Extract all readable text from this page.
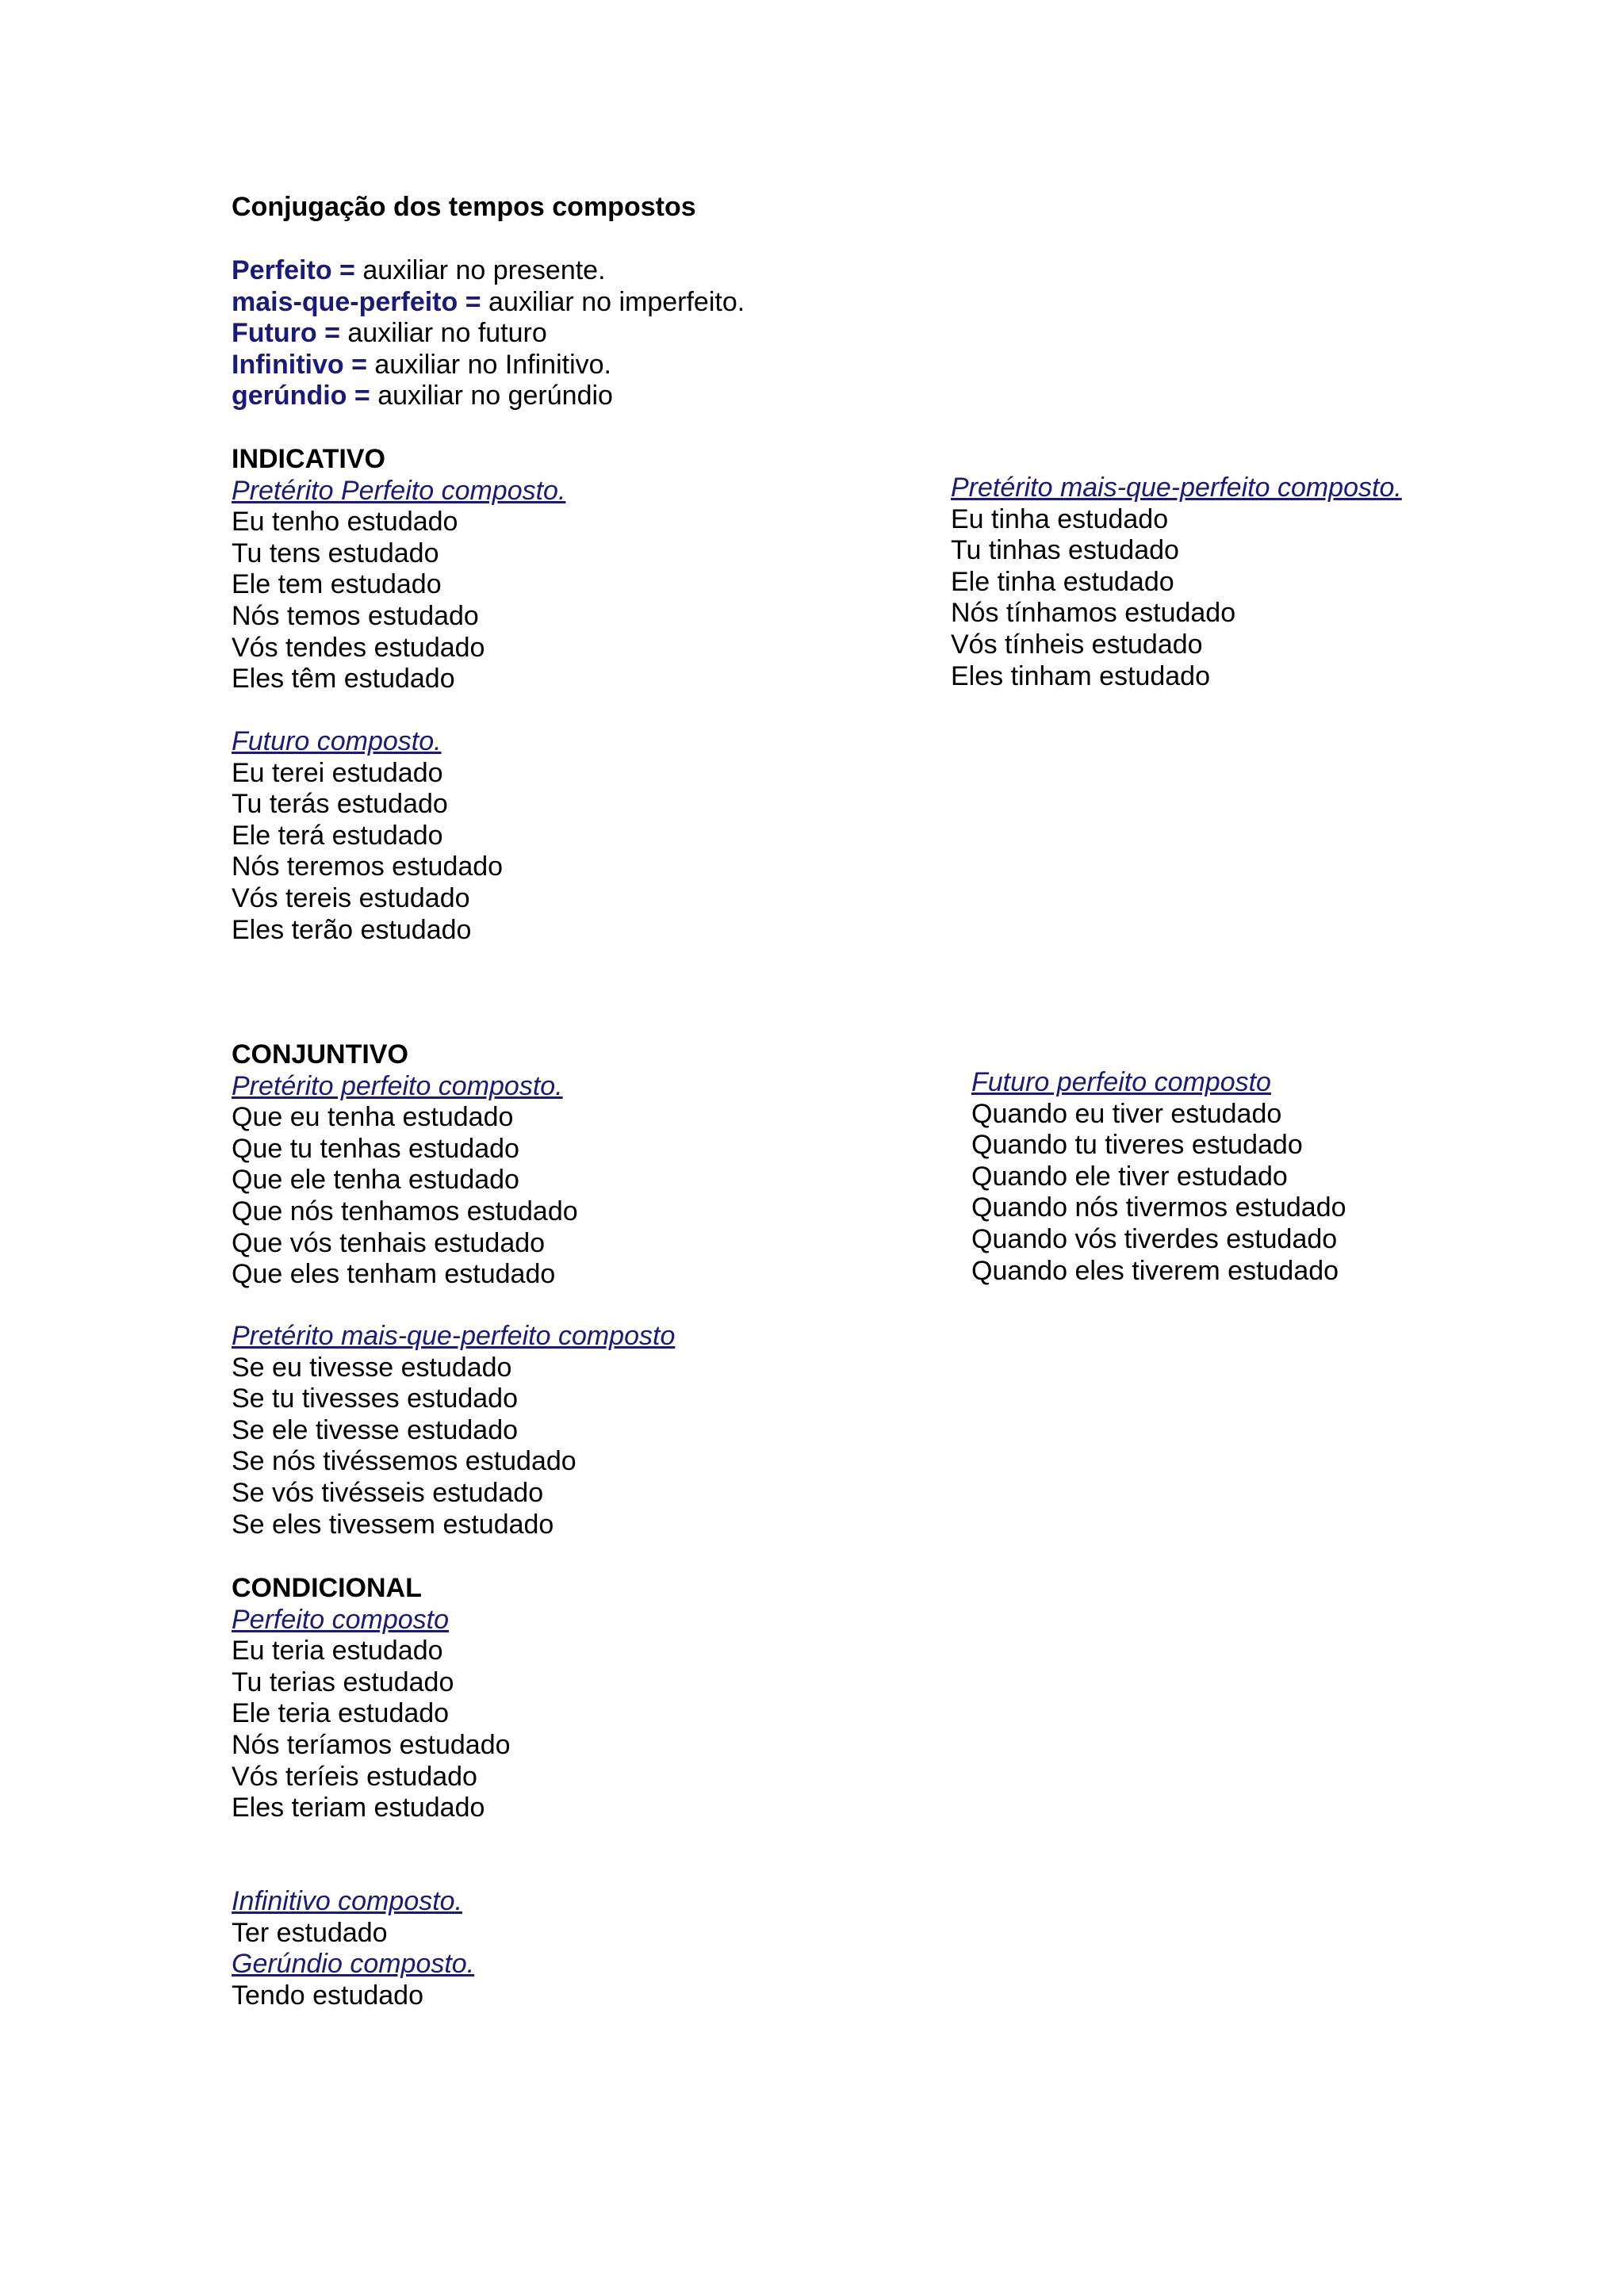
Conjugação dos tempos compostos
Perfeito = auxiliar no presente.
mais-que-perfeito = auxiliar no imperfeito.
Futuro = auxiliar no futuro
Infinitivo = auxiliar no Infinitivo.
gerúndio = auxiliar no gerúndio
INDICATIVO
Pretérito Perfeito composto.
Eu tenho estudado
Tu tens estudado
Ele tem estudado
Nós temos estudado
Vós tendes estudado
Eles têm estudado
Pretérito mais-que-perfeito composto.
Eu tinha estudado
Tu tinhas estudado
Ele tinha estudado
Nós tínhamos estudado
Vós tínheis estudado
Eles tinham estudado
Futuro composto.
Eu terei estudado
Tu terás estudado
Ele terá estudado
Nós teremos estudado
Vós tereis estudado
Eles terão estudado
CONJUNTIVO
Pretérito perfeito composto.
Que eu tenha estudado
Que tu tenhas estudado
Que ele tenha estudado
Que nós tenhamos estudado
Que vós tenhais estudado
Que eles tenham estudado
Futuro perfeito composto
Quando eu tiver estudado
Quando tu tiveres estudado
Quando ele tiver estudado
Quando nós tivermos estudado
Quando vós tiverdes estudado
Quando eles tiverem estudado
Pretérito mais-que-perfeito composto
Se eu tivesse estudado
Se tu tivesses estudado
Se ele tivesse estudado
Se nós tivéssemos estudado
Se vós tivésseis estudado
Se eles tivessem estudado
CONDICIONAL
Perfeito composto
Eu teria estudado
Tu terias estudado
Ele teria estudado
Nós teríamos estudado
Vós teríeis estudado
Eles teriam estudado
Infinitivo composto.
Ter estudado
Gerúndio composto.
Tendo estudado
